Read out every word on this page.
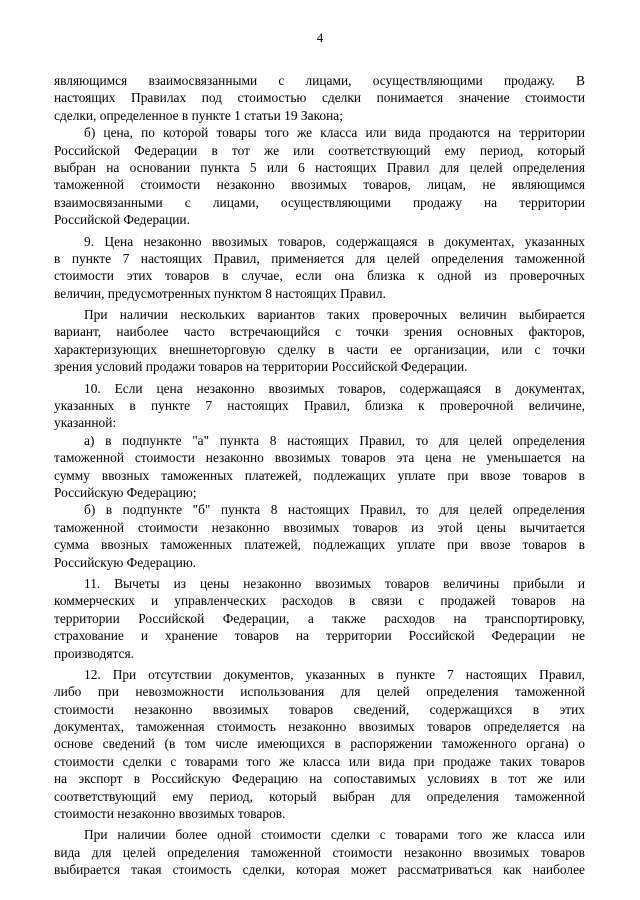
4
являющимся взаимосвязанными с лицами, осуществляющими продажу. В
настоящих Правилах под стоимостью сделки понимается значение стоимости
сделки, определенное в пункте 1 статьи 19 Закона;
б) цена, по которой товары того же класса или вида продаются на территории
Российской Федерации в тот же или соответствующий ему период, который
выбран на основании пункта 5 или 6 настоящих Правил для целей определения
таможенной стоимости незаконно ввозимых товаров, лицам, не являющимся
взаимосвязанными с лицами, осуществляющими продажу на территории
Российской Федерации.
9. Цена незаконно ввозимых товаров, содержащаяся в документах, указанных
в пункте 7 настоящих Правил, применяется для целей определения таможенной
стоимости этих товаров в случае, если она близка к одной из проверочных
величин, предусмотренных пунктом 8 настоящих Правил.
При наличии нескольких вариантов таких проверочных величин выбирается
вариант, наиболее часто встречающийся с точки зрения основных факторов,
характеризующих внешнеторговую сделку в части ее организации, или с точки
зрения условий продажи товаров на территории Российской Федерации.
10. Если цена незаконно ввозимых товаров, содержащаяся в документах,
указанных в пункте 7 настоящих Правил, близка к проверочной величине,
указанной:
а) в подпункте "а" пункта 8 настоящих Правил, то для целей определения
таможенной стоимости незаконно ввозимых товаров эта цена не уменьшается на
сумму ввозных таможенных платежей, подлежащих уплате при ввозе товаров в
Российскую Федерацию;
б) в подпункте "б" пункта 8 настоящих Правил, то для целей определения
таможенной стоимости незаконно ввозимых товаров из этой цены вычитается
сумма ввозных таможенных платежей, подлежащих уплате при ввозе товаров в
Российскую Федерацию.
11. Вычеты из цены незаконно ввозимых товаров величины прибыли и
коммерческих и управленческих расходов в связи с продажей товаров на
территории Российской Федерации, а также расходов на транспортировку,
страхование и хранение товаров на территории Российской Федерации не
производятся.
12. При отсутствии документов, указанных в пункте 7 настоящих Правил,
либо при невозможности использования для целей определения таможенной
стоимости незаконно ввозимых товаров сведений, содержащихся в этих
документах, таможенная стоимость незаконно ввозимых товаров определяется на
основе сведений (в том числе имеющихся в распоряжении таможенного органа) о
стоимости сделки с товарами того же класса или вида при продаже таких товаров
на экспорт в Российскую Федерацию на сопоставимых условиях в тот же или
соответствующий ему период, который выбран для определения таможенной
стоимости незаконно ввозимых товаров.
При наличии более одной стоимости сделки с товарами того же класса или
вида для целей определения таможенной стоимости незаконно ввозимых товаров
выбирается такая стоимость сделки, которая может рассматриваться как наиболее
